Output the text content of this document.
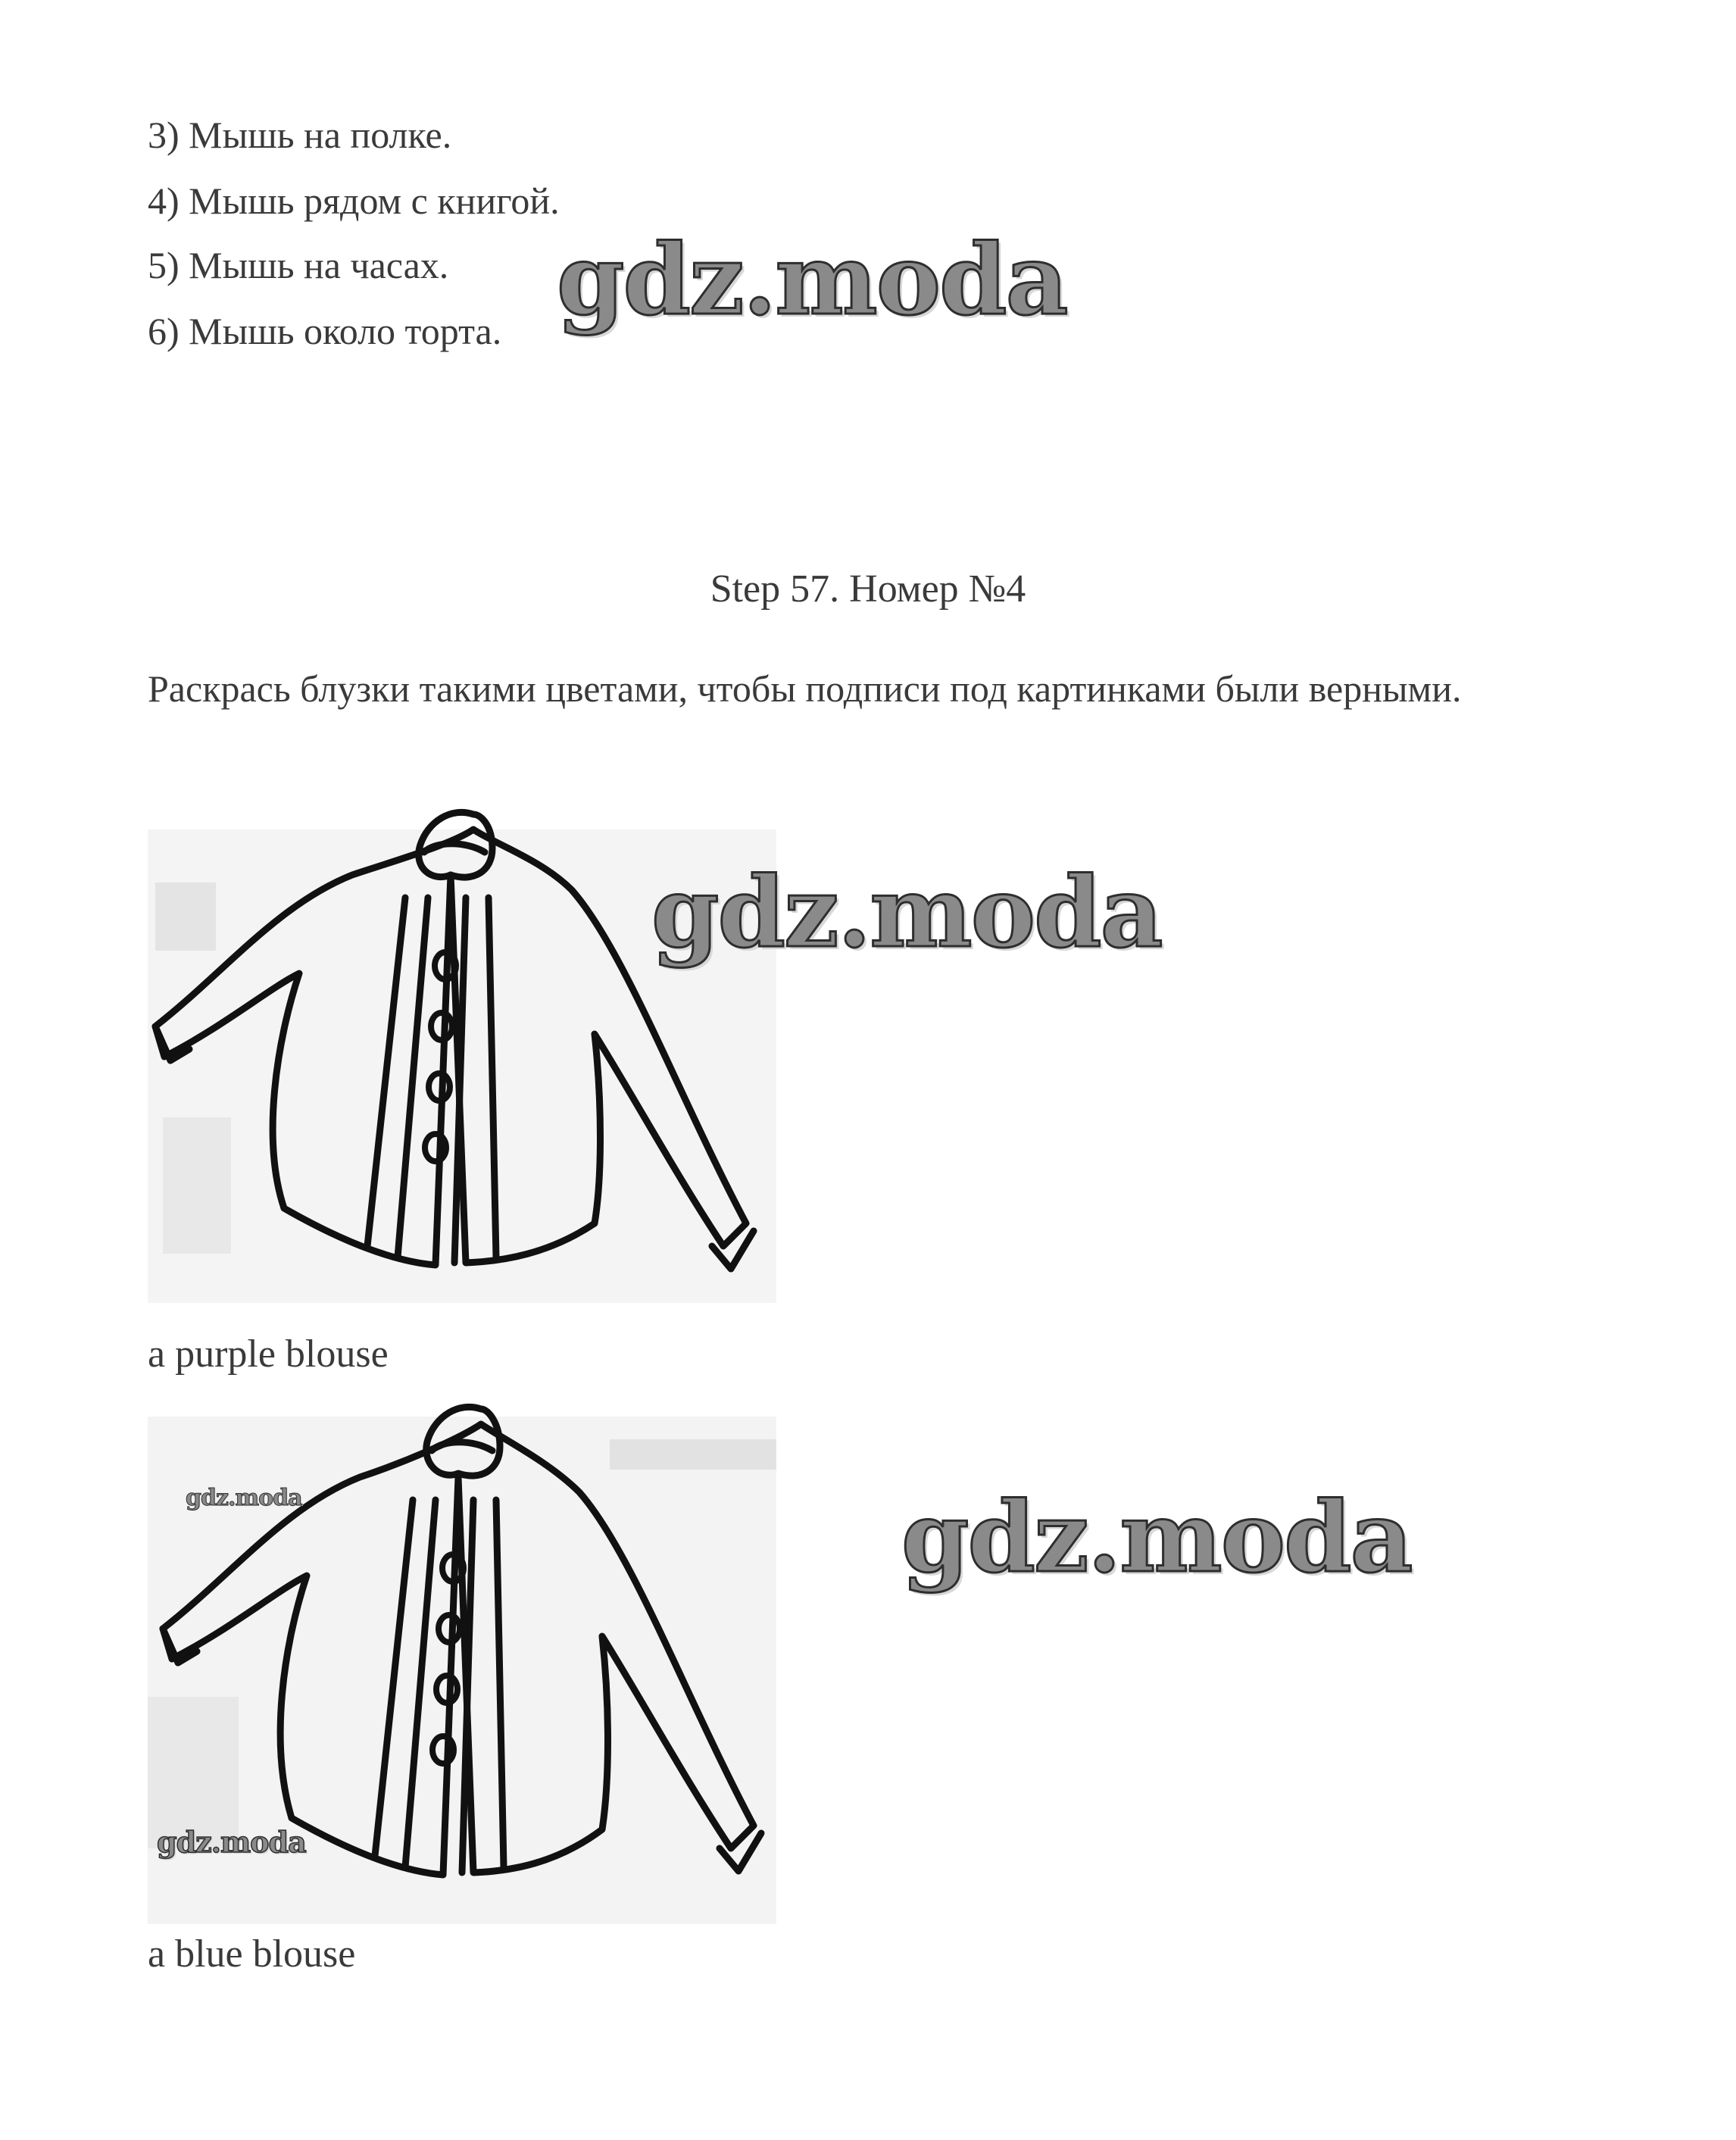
3) Мышь на полке.
4) Мышь рядом с книгой.
5) Мышь на часах.
6) Мышь около торта. gdz.moda
Step 57. Номер №4
Раскрась блузки такими цветами, чтобы подписи под картинками были верными.
gdz.moda
a purple blouse
gdz.moda
gdz.moda
gdz.moda
a blue blouse
